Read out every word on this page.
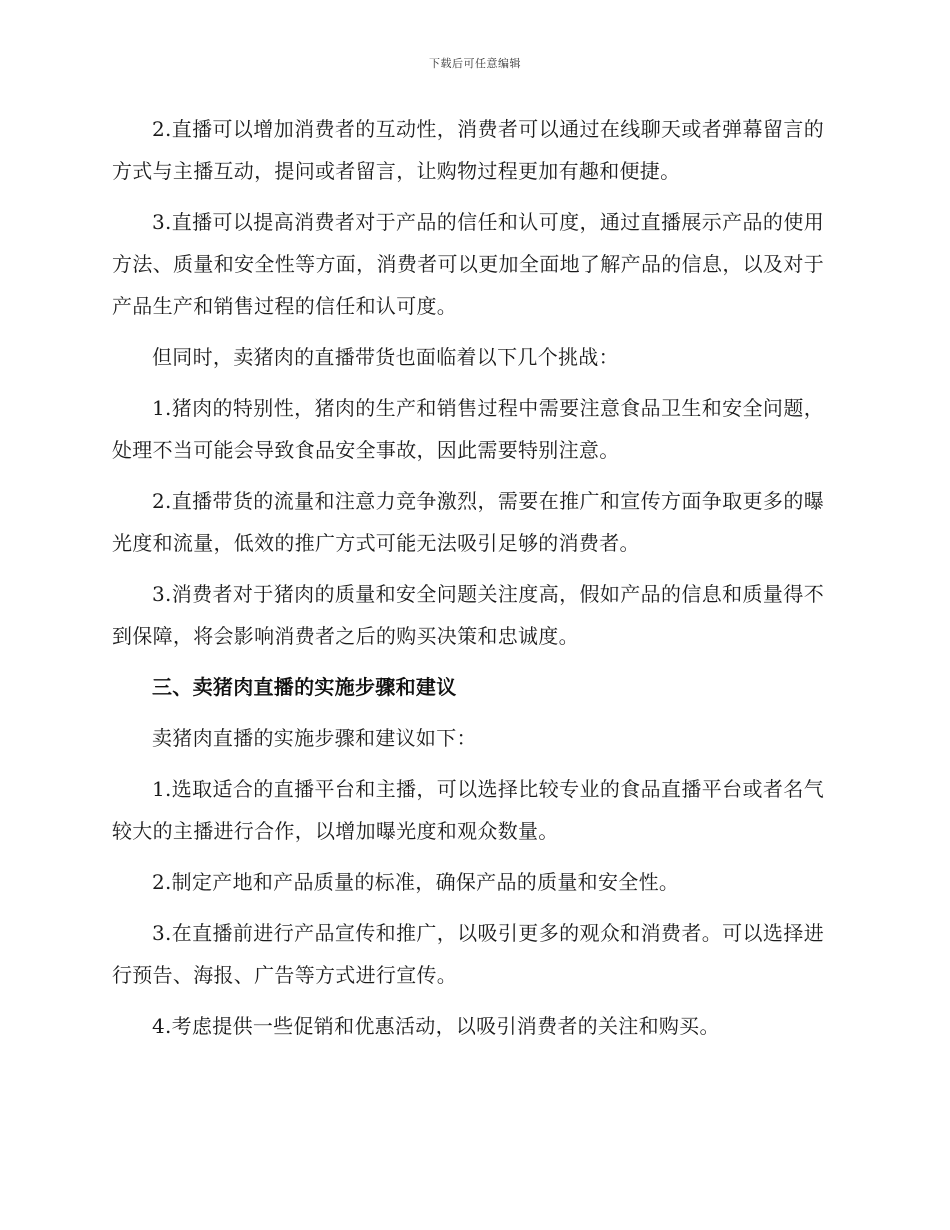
下载后可任意编辑

2.直播可以增加消费者的互动性，消费者可以通过在线聊天或者弹幕留言的方式与主播互动，提问或者留言，让购物过程更加有趣和便捷。

3.直播可以提高消费者对于产品的信任和认可度，通过直播展示产品的使用方法、质量和安全性等方面，消费者可以更加全面地了解产品的信息，以及对于产品生产和销售过程的信任和认可度。

但同时，卖猪肉的直播带货也面临着以下几个挑战：

1.猪肉的特别性，猪肉的生产和销售过程中需要注意食品卫生和安全问题，处理不当可能会导致食品安全事故，因此需要特别注意。

2.直播带货的流量和注意力竞争激烈，需要在推广和宣传方面争取更多的曝光度和流量，低效的推广方式可能无法吸引足够的消费者。

3.消费者对于猪肉的质量和安全问题关注度高，假如产品的信息和质量得不到保障，将会影响消费者之后的购买决策和忠诚度。

三、卖猪肉直播的实施步骤和建议

卖猪肉直播的实施步骤和建议如下：

1.选取适合的直播平台和主播，可以选择比较专业的食品直播平台或者名气较大的主播进行合作，以增加曝光度和观众数量。

2.制定产地和产品质量的标准，确保产品的质量和安全性。

3.在直播前进行产品宣传和推广，以吸引更多的观众和消费者。可以选择进行预告、海报、广告等方式进行宣传。

4.考虑提供一些促销和优惠活动，以吸引消费者的关注和购买。
